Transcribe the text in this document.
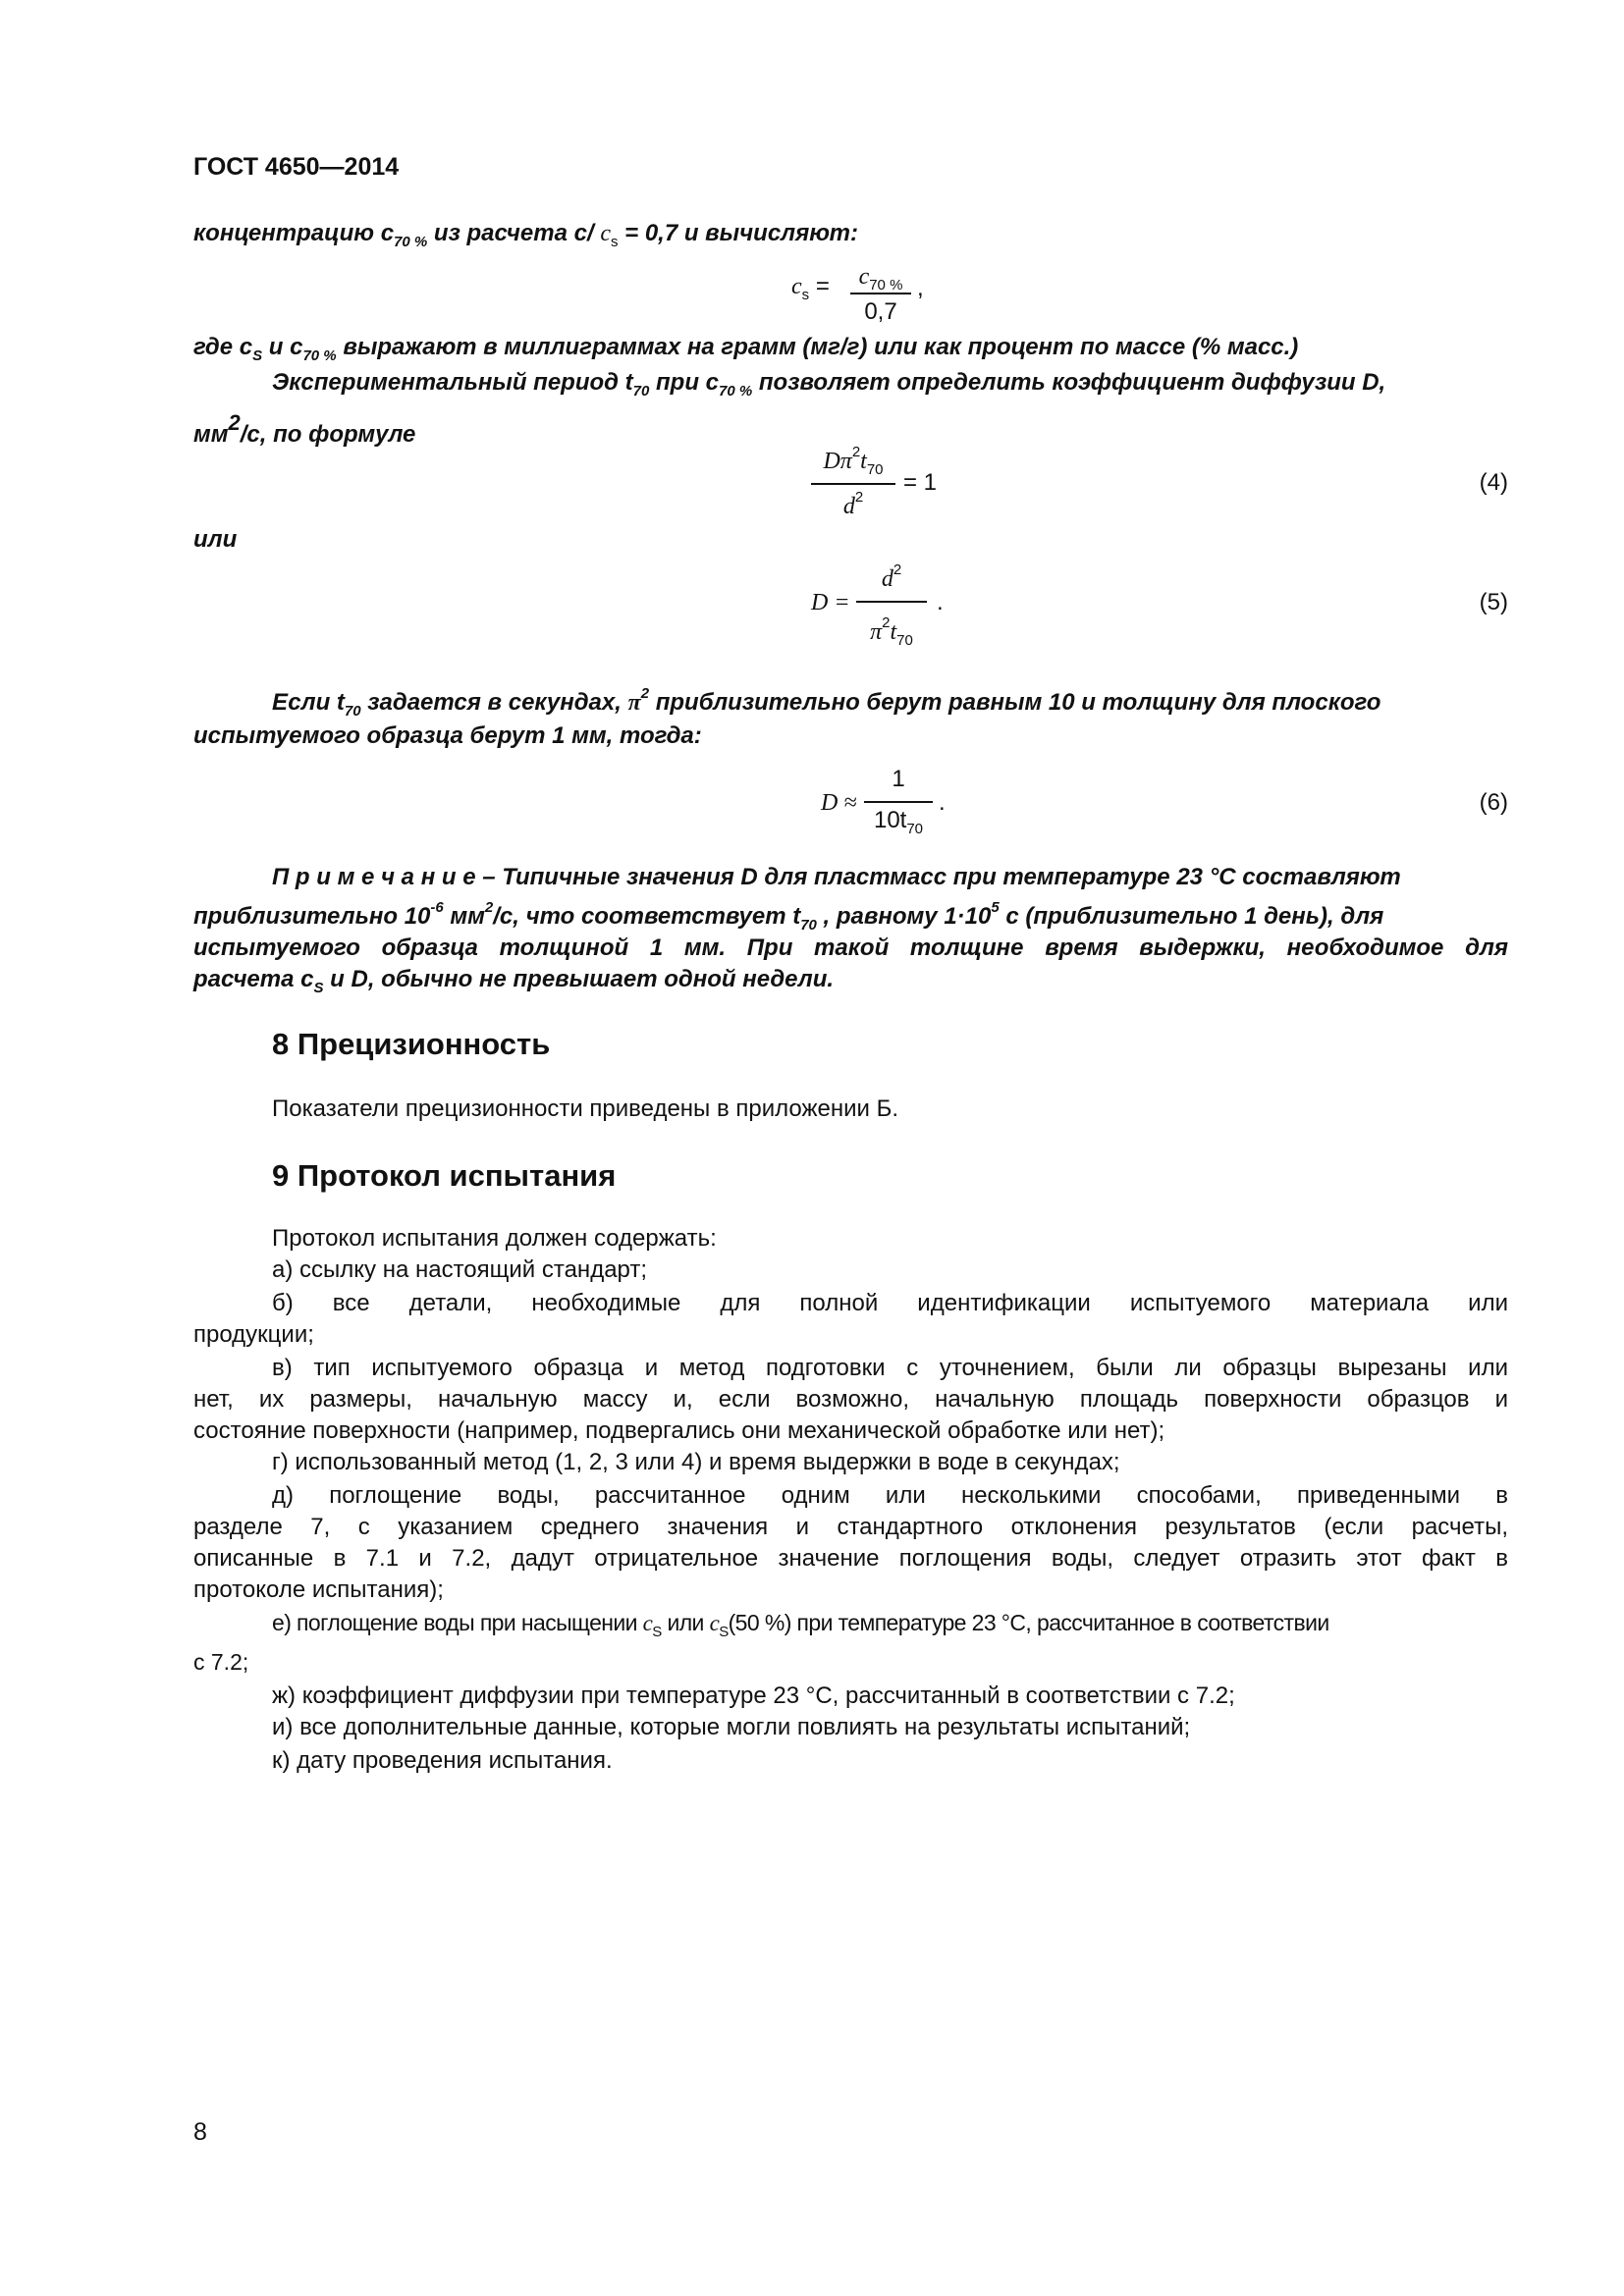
ГОСТ 4650—2014
концентрацию $c_{70 \%}$ из расчета c/ $c_s = 0,7$ и вычисляют:
$c_s$ =	$c_{70 \%}$
0,7
,
где $c_S$ и $c_{70 \%}$ выражают в миллиграммах на грамм (мг/г) или как процент по массе (% масс.)
Экспериментальный период $t_{70}$ при $c_{70 \%}$ позволяет определить коэффициент диффузии D,
мм2/с, по формуле
$D\pi^2t_{70}$
$d^2$
= 1	(4)
или
D =
$d^2$
$\pi^2t_{70}$
.	(5)
Если $t_{70}$ задается в секундах, $\pi^2$ приблизительно берут равным 10 и толщину для плоского
испытуемого образца берут 1 мм, тогда:
D ≈
1
$10t_{70}$
.	(6)
П р и м е ч а н и е – Типичные значения D для пластмасс при температуре 23 °С составляют
приблизительно $10^{-6}$ $мм^2/с$, что соответствует $t_{70}$ , равному $1\cdot 10^5$ с (приблизительно 1 день), для
испытуемого образца толщиной 1 мм. При такой толщине время выдержки, необходимое для
расчета $c_S$ и D, обычно не превышает одной недели.
8 Прецизионность
Показатели прецизионности приведены в приложении Б.
9 Протокол испытания
Протокол испытания должен содержать:
а) ссылку на настоящий стандарт;
б) все детали, необходимые для полной идентификации испытуемого материала или
продукции;
в) тип испытуемого образца и метод подготовки с уточнением, были ли образцы вырезаны или
нет, их размеры, начальную массу и, если возможно, начальную площадь поверхности образцов и
состояние поверхности (например, подвергались они механической обработке или нет);
г) использованный метод (1, 2, 3 или 4) и время выдержки в воде в секундах;
д) поглощение воды, рассчитанное одним или несколькими способами, приведенными в
разделе 7, с указанием среднего значения и стандартного отклонения результатов (если расчеты,
описанные в 7.1 и 7.2, дадут отрицательное значение поглощения воды, следует отразить этот факт в
протоколе испытания);
е) поглощение воды при насыщении $c_S$ или $c_S(50$ %) при температуре 23 °С, рассчитанное в соответствии
с 7.2;
ж) коэффициент диффузии при температуре 23 °С, рассчитанный в соответствии с 7.2;
и) все дополнительные данные, которые могли повлиять на результаты испытаний;
к) дату проведения испытания.
8
